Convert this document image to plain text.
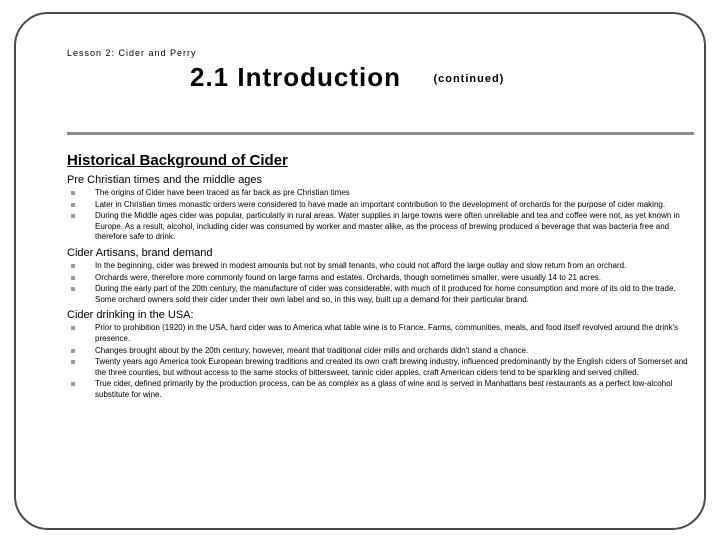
Lesson 2: Cider and Perry
2.1 Introduction	$^{(continued)}$
Historical Background of Cider
Pre Christian times and the middle ages
The origins of Cider have been traced as far back as pre Christian times
Later in Christian times monastic orders were considered to have made an important contribution to the development of orchards for the purpose of cider making.
During the Middle ages cider was popular, particularly in rural areas. Water supplies in large towns were often unreliable and tea and coffee were not, as yet known in Europe. As a result, alcohol, including cider was consumed by worker and master alike, as the process of brewing produced a beverage that was bacteria free and therefore safe to drink.
Cider Artisans, brand demand
In the beginning, cider was brewed in modest amounts but not by small tenants, who could not afford the large outlay and slow return from an orchard.
Orchards were, therefore more commonly found on large farms and estates. Orchards, though sometimes smaller, were usually 14 to 21 acres.
During the early part of the 20th century, the manufacture of cider was considerable, with much of it produced for home consumption and more of its old to the trade. Some orchard owners sold their cider under their own label and so, in this way, built up a demand for their particular brand.
Cider drinking in the USA:
Prior to prohibition (1920) in the USA, hard cider was to America what table wine is to France. Farms, communities, meals, and food itself revolved around the drink's presence.
Changes brought about by the 20th century, however, meant that traditional cider mills and orchards didn't stand a chance.
Twenty years ago America took European brewing traditions and created its own craft brewing industry, influenced predominantly by the English ciders of Somerset and the three counties, but without access to the same stocks of bittersweet, tannic cider apples, craft American ciders tend to be sparkling and served chilled.
True cider, defined primarily by the production process, can be as complex as a glass of wine and is served in Manhattans best restaurants as a perfect low-alcohol substitute for wine.
